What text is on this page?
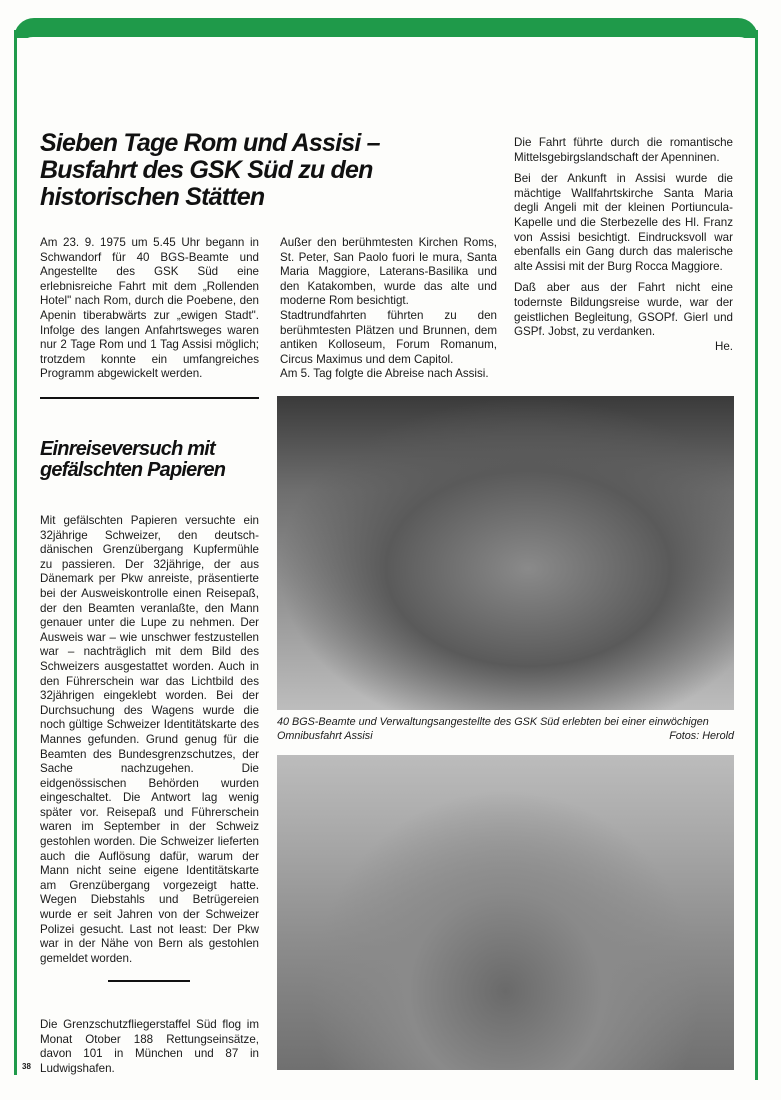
Sieben Tage Rom und Assisi – Busfahrt des GSK Süd zu den historischen Stätten

Am 23. 9. 1975 um 5.45 Uhr begann in Schwandorf für 40 BGS-Beamte und Angestellte des GSK Süd eine erlebnisreiche Fahrt mit dem „Rollenden Hotel" nach Rom, durch die Poebene, den Apenin tiberabwärts zur „ewigen Stadt". Infolge des langen Anfahrtsweges waren nur 2 Tage Rom und 1 Tag Assisi möglich; trotzdem konnte ein umfangreiches Programm abgewickelt werden.

Außer den berühmtesten Kirchen Roms, St. Peter, San Paolo fuori le mura, Santa Maria Maggiore, Laterans-Basilika und den Katakomben, wurde das alte und moderne Rom besichtigt.

Stadtrundfahrten führten zu den berühmtesten Plätzen und Brunnen, dem antiken Kolloseum, Forum Romanum, Circus Maximus und dem Capitol.

Am 5. Tag folgte die Abreise nach Assisi.

Die Fahrt führte durch die romantische Mittelsgebirgslandschaft der Apenninen.

Bei der Ankunft in Assisi wurde die mächtige Wallfahrtskirche Santa Maria degli Angeli mit der kleinen Portiuncula-Kapelle und die Sterbezelle des Hl. Franz von Assisi besichtigt. Eindrucksvoll war ebenfalls ein Gang durch das malerische alte Assisi mit der Burg Rocca Maggiore.

Daß aber aus der Fahrt nicht eine todernste Bildungsreise wurde, war der geistlichen Begleitung, GSOPf. Gierl und GSPf. Jobst, zu verdanken.

He.

40 BGS-Beamte und Verwaltungsangestellte des GSK Süd erlebten bei einer einwöchigen Omnibusfahrt Assisi	Fotos: Herold
Einreiseversuch mit gefälschten Papieren

Mit gefälschten Papieren versuchte ein 32jährige Schweizer, den deutsch-dänischen Grenzübergang Kupfermühle zu passieren. Der 32jährige, der aus Dänemark per Pkw anreiste, präsentierte bei der Ausweiskontrolle einen Reisepaß, der den Beamten veranlaßte, den Mann genauer unter die Lupe zu nehmen. Der Ausweis war – wie unschwer festzustellen war – nachträglich mit dem Bild des Schweizers ausgestattet worden. Auch in den Führerschein war das Lichtbild des 32jährigen eingeklebt worden. Bei der Durchsuchung des Wagens wurde die noch gültige Schweizer Identitätskarte des Mannes gefunden. Grund genug für die Beamten des Bundesgrenzschutzes, der Sache nachzugehen. Die eidgenössischen Behörden wurden eingeschaltet. Die Antwort lag wenig später vor. Reisepaß und Führerschein waren im September in der Schweiz gestohlen worden. Die Schweizer lieferten auch die Auflösung dafür, warum der Mann nicht seine eigene Identitätskarte am Grenzübergang vorgezeigt hatte. Wegen Diebstahls und Betrügereien wurde er seit Jahren von der Schweizer Polizei gesucht. Last not least: Der Pkw war in der Nähe von Bern als gestohlen gemeldet worden.

Die Grenzschutzfliegerstaffel Süd flog im Monat Otober 188 Rettungseinsätze, davon 101 in München und 87 in Ludwigshafen.

38
